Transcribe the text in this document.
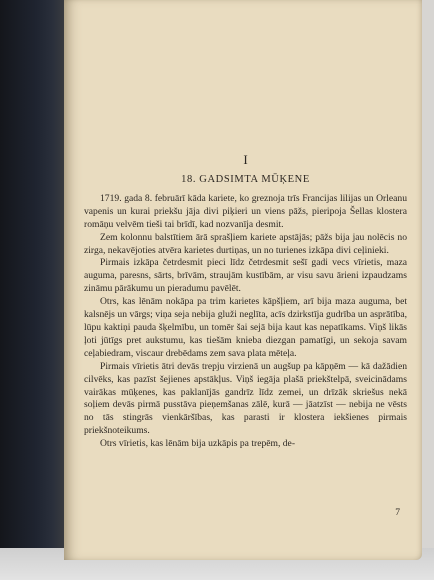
I
18. GADSIMTA MŪĶENE

1719. gada 8. februārī kāda kariete, ko greznoja trīs Francijas lilijas un Orleanu vapenis un kurai priekšu jāja divi piķieri un viens pāžs, pieripoja Šellas klostera romāņu velvēm tieši tai brīdī, kad nozvanīja desmit.

Zem kolonnu balstītiem ārā sprašļiem kariete apstājās; pāžs bija jau nolēcis no zirga, nekavējoties atvēra karietes durtiņas, un no turienes izkāpa divi ceļinieki.

Pirmais izkāpa četrdesmit pieci līdz četrdesmit sešī gadi vecs vīrietis, maza auguma, paresns, sārts, brīvām, straujām kustībām, ar visu savu ārieni izpaudzams zināmu pārākumu un pieradumu pavēlēt.

Otrs, kas lēnām nokāpa pa trim karietes kāpšļiem, arī bija maza auguma, bet kalsnējs un vārgs; viņa seja nebija gluži neglīta, acīs dzirkstīja gudrība un asprātība, lūpu kaktiņi pauda šķelmību, un tomēr šai sejā bija kaut kas nepatīkams. Viņš likās ļoti jūtīgs pret aukstumu, kas tiešām knieba diezgan pamatīgi, un sekoja savam ceļabiedram, viscaur drebēdams zem sava plata mēteļa.

Pirmais vīrietis ātri devās trepju virzienā un augšup pa kāpņēm — kā dažādien cilvēks, kas pazīst šejienes apstākļus. Viņš iegāja plašā priekštelpā, sveicinādams vairākas mūķenes, kas paklanījās gandrīz līdz zemei, un drīzāk skriešus nekā soļiem devās pirmā pusstāva pieņemšanas zālē, kurā — jāatzīst — nebija ne vēsts no tās stingrās vienkāršības, kas parasti ir klostera iekšienes pirmais priekšnoteikums.

Otrs vīrietis, kas lēnām bija uzkāpis pa trepēm, de-

7
